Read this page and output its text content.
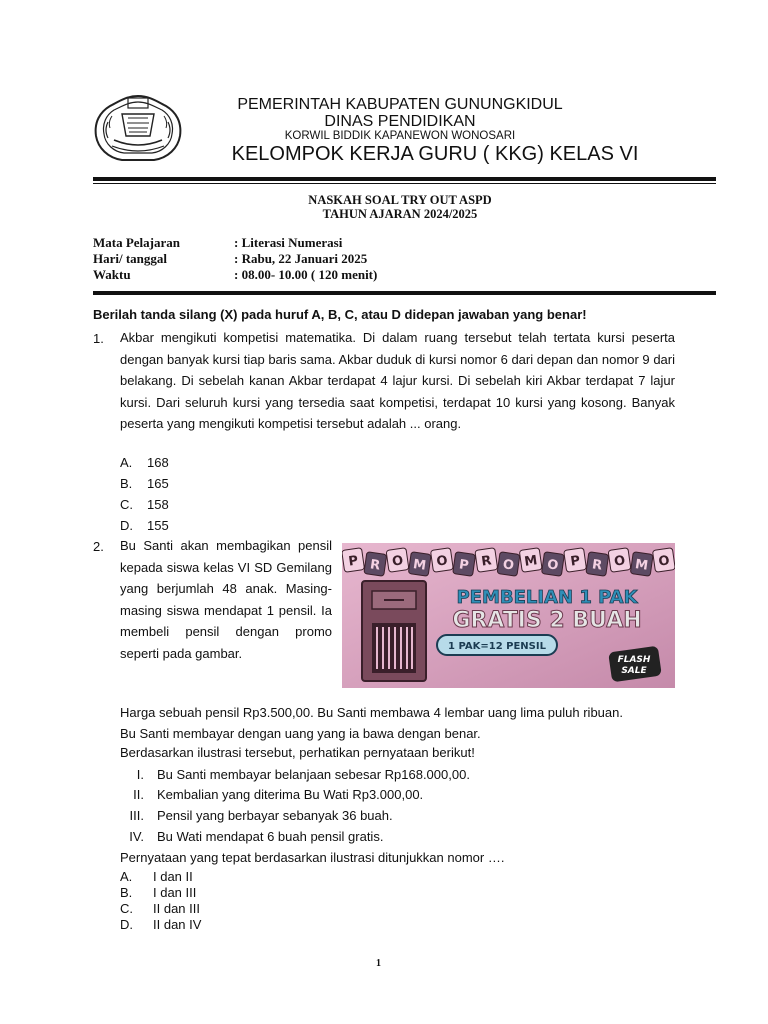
PEMERINTAH KABUPATEN GUNUNGKIDUL
DINAS PENDIDIKAN
KORWIL BIDDIK KAPANEWON WONOSARI
KELOMPOK KERJA GURU ( KKG) KELAS VI
NASKAH SOAL TRY OUT ASPD
TAHUN AJARAN 2024/2025
Mata Pelajaran	: Literasi Numerasi
Hari/ tanggal	: Rabu, 22 Januari 2025
Waktu	: 08.00- 10.00 ( 120 menit)
Berilah tanda silang (X) pada huruf A, B, C, atau D didepan jawaban yang benar!
1. Akbar mengikuti kompetisi matematika. Di dalam ruang tersebut telah tertata kursi peserta dengan banyak kursi tiap baris sama. Akbar duduk di kursi nomor 6 dari depan dan nomor 9 dari belakang. Di sebelah kanan Akbar terdapat 4 lajur kursi. Di sebelah kiri Akbar terdapat 7 lajur kursi. Dari seluruh kursi yang tersedia saat kompetisi, terdapat 10 kursi yang kosong. Banyak peserta yang mengikuti kompetisi tersebut adalah ... orang.
A. 168
B. 165
C. 158
D. 155
2. Bu Santi akan membagikan pensil kepada siswa kelas VI SD Gemilang yang berjumlah 48 anak. Masing-masing siswa mendapat 1 pensil. Ia membeli pensil dengan promo seperti pada gambar.
P R O M O P R O M O P R O M O
PEMBELIAN 1 PAK
GRATIS 2 BUAH
1 PAK=12 PENSIL
FLASH
SALE
Harga sebuah pensil Rp3.500,00. Bu Santi membawa 4 lembar uang lima puluh ribuan.
Bu Santi membayar dengan uang yang ia bawa dengan benar.
Berdasarkan ilustrasi tersebut, perhatikan pernyataan berikut!
I. Bu Santi membayar belanjaan sebesar Rp168.000,00.
II. Kembalian yang diterima Bu Wati Rp3.000,00.
III. Pensil yang berbayar sebanyak 36 buah.
IV. Bu Wati mendapat 6 buah pensil gratis.
Pernyataan yang tepat berdasarkan ilustrasi ditunjukkan nomor ….
A. I dan II
B. I dan III
C. II dan III
D. II dan IV
1
